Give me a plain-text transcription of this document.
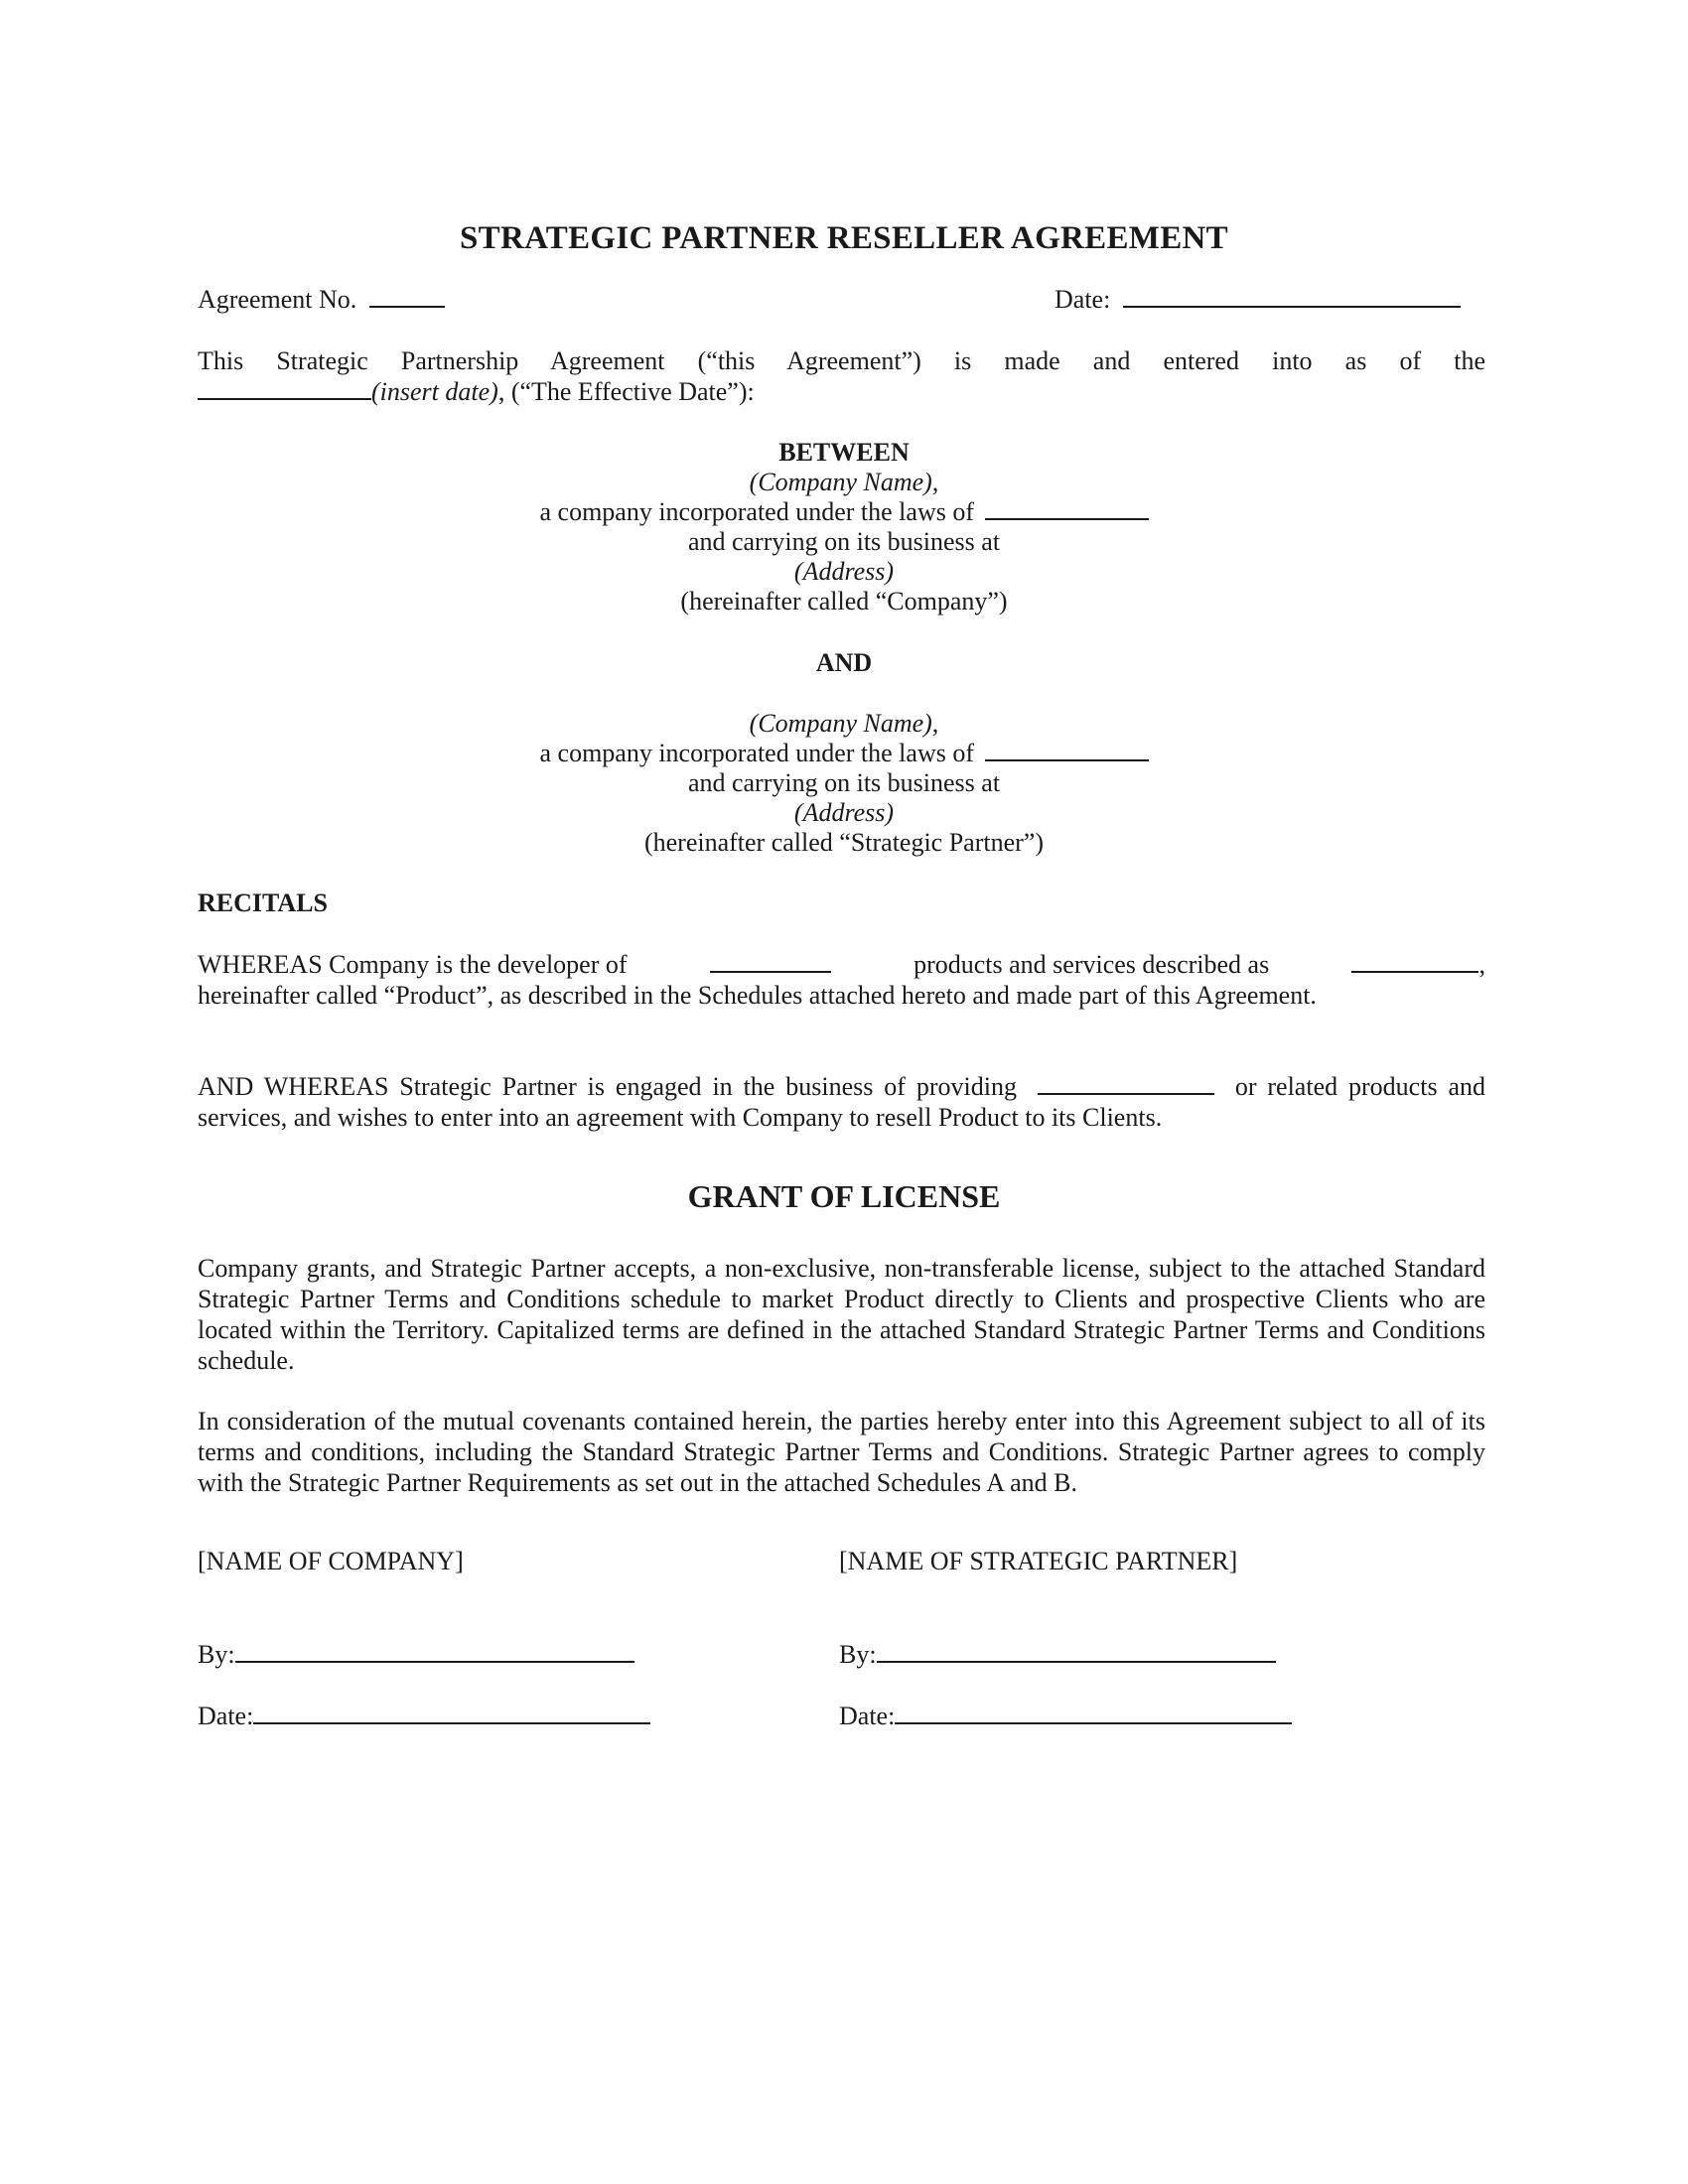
STRATEGIC PARTNER RESELLER AGREEMENT
Agreement No.	Date:
This Strategic Partnership Agreement (“this Agreement”) is made and entered into as of the
(insert date), (“The Effective Date”):
BETWEEN
(Company Name),
a company incorporated under the laws of
and carrying on its business at
(Address)
(hereinafter called “Company”)
AND
(Company Name),
a company incorporated under the laws of
and carrying on its business at
(Address)
(hereinafter called “Strategic Partner”)
RECITALS
WHEREAS Company is the developer of	products and services described as	,
hereinafter called “Product”, as described in the Schedules attached hereto and made part of this Agreement.
AND WHEREAS Strategic Partner is engaged in the business of providing	or related products and services, and wishes to enter into an agreement with Company to resell Product to its Clients.
GRANT OF LICENSE
Company grants, and Strategic Partner accepts, a non-exclusive, non-transferable license, subject to the attached Standard Strategic Partner Terms and Conditions schedule to market Product directly to Clients and prospective Clients who are located within the Territory. Capitalized terms are defined in the attached Standard Strategic Partner Terms and Conditions schedule.
In consideration of the mutual covenants contained herein, the parties hereby enter into this Agreement subject to all of its terms and conditions, including the Standard Strategic Partner Terms and Conditions. Strategic Partner agrees to comply with the Strategic Partner Requirements as set out in the attached Schedules A and B.
[NAME OF COMPANY]	[NAME OF STRATEGIC PARTNER]
By:	By:
Date:	Date:
